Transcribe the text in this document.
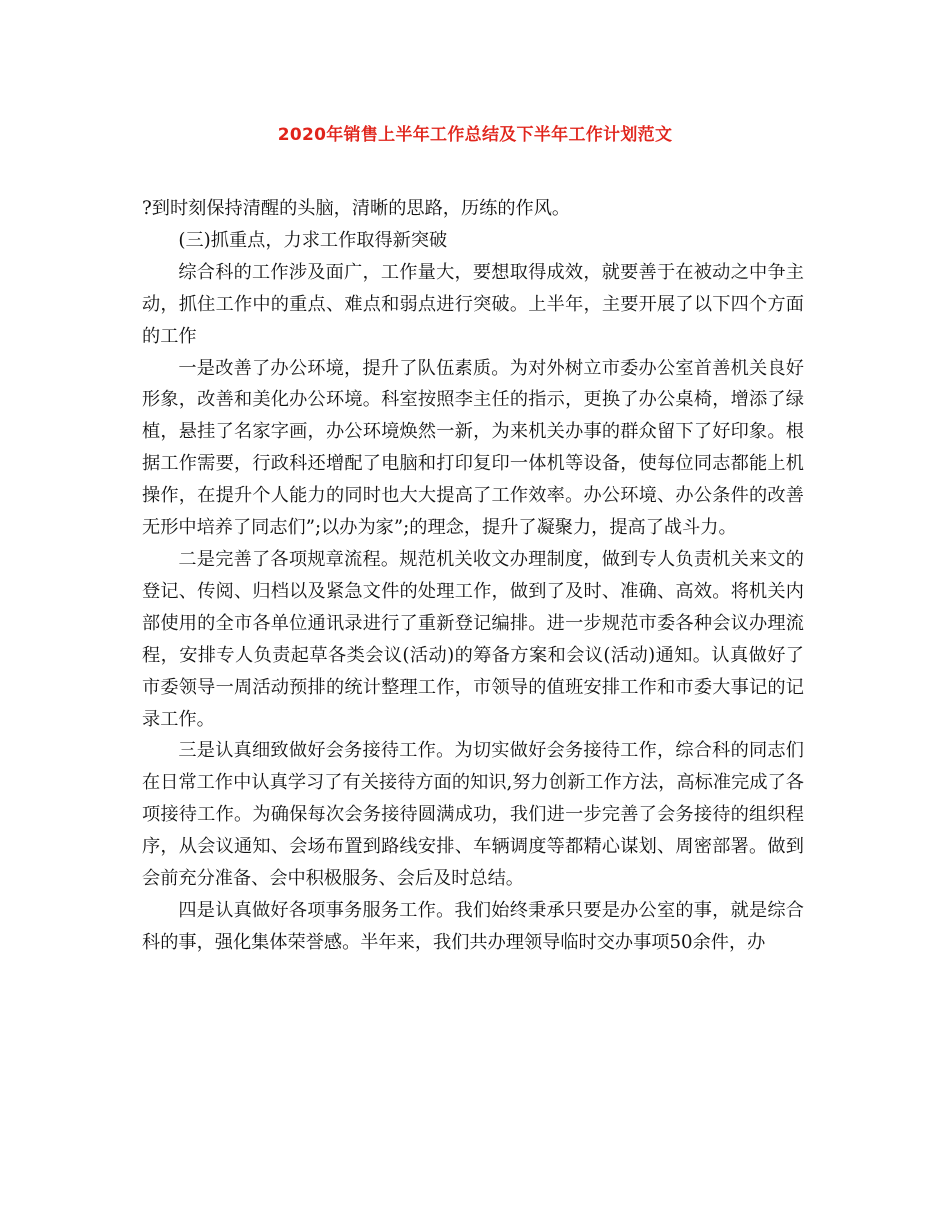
2020年销售上半年工作总结及下半年工作计划范文

?到时刻保持清醒的头脑，清晰的思路，历练的作风。

(三)抓重点，力求工作取得新突破

综合科的工作涉及面广，工作量大，要想取得成效，就要善于在被动之中争主动，抓住工作中的重点、难点和弱点进行突破。上半年，主要开展了以下四个方面的工作

一是改善了办公环境，提升了队伍素质。为对外树立市委办公室首善机关良好形象，改善和美化办公环境。科室按照李主任的指示，更换了办公桌椅，增添了绿植，悬挂了名家字画，办公环境焕然一新，为来机关办事的群众留下了好印象。根据工作需要，行政科还增配了电脑和打印复印一体机等设备，使每位同志都能上机操作，在提升个人能力的同时也大大提高了工作效率。办公环境、办公条件的改善无形中培养了同志们”;以办为家”;的理念，提升了凝聚力，提高了战斗力。

二是完善了各项规章流程。规范机关收文办理制度，做到专人负责机关来文的登记、传阅、归档以及紧急文件的处理工作，做到了及时、准确、高效。将机关内部使用的全市各单位通讯录进行了重新登记编排。进一步规范市委各种会议办理流程，安排专人负责起草各类会议(活动)的筹备方案和会议(活动)通知。认真做好了市委领导一周活动预排的统计整理工作，市领导的值班安排工作和市委大事记的记录工作。

三是认真细致做好会务接待工作。为切实做好会务接待工作，综合科的同志们在日常工作中认真学习了有关接待方面的知识,努力创新工作方法，高标准完成了各项接待工作。为确保每次会务接待圆满成功，我们进一步完善了会务接待的组织程序，从会议通知、会场布置到路线安排、车辆调度等都精心谋划、周密部署。做到会前充分准备、会中积极服务、会后及时总结。

四是认真做好各项事务服务工作。我们始终秉承只要是办公室的事，就是综合科的事，强化集体荣誉感。半年来，我们共办理领导临时交办事项50余件，办
